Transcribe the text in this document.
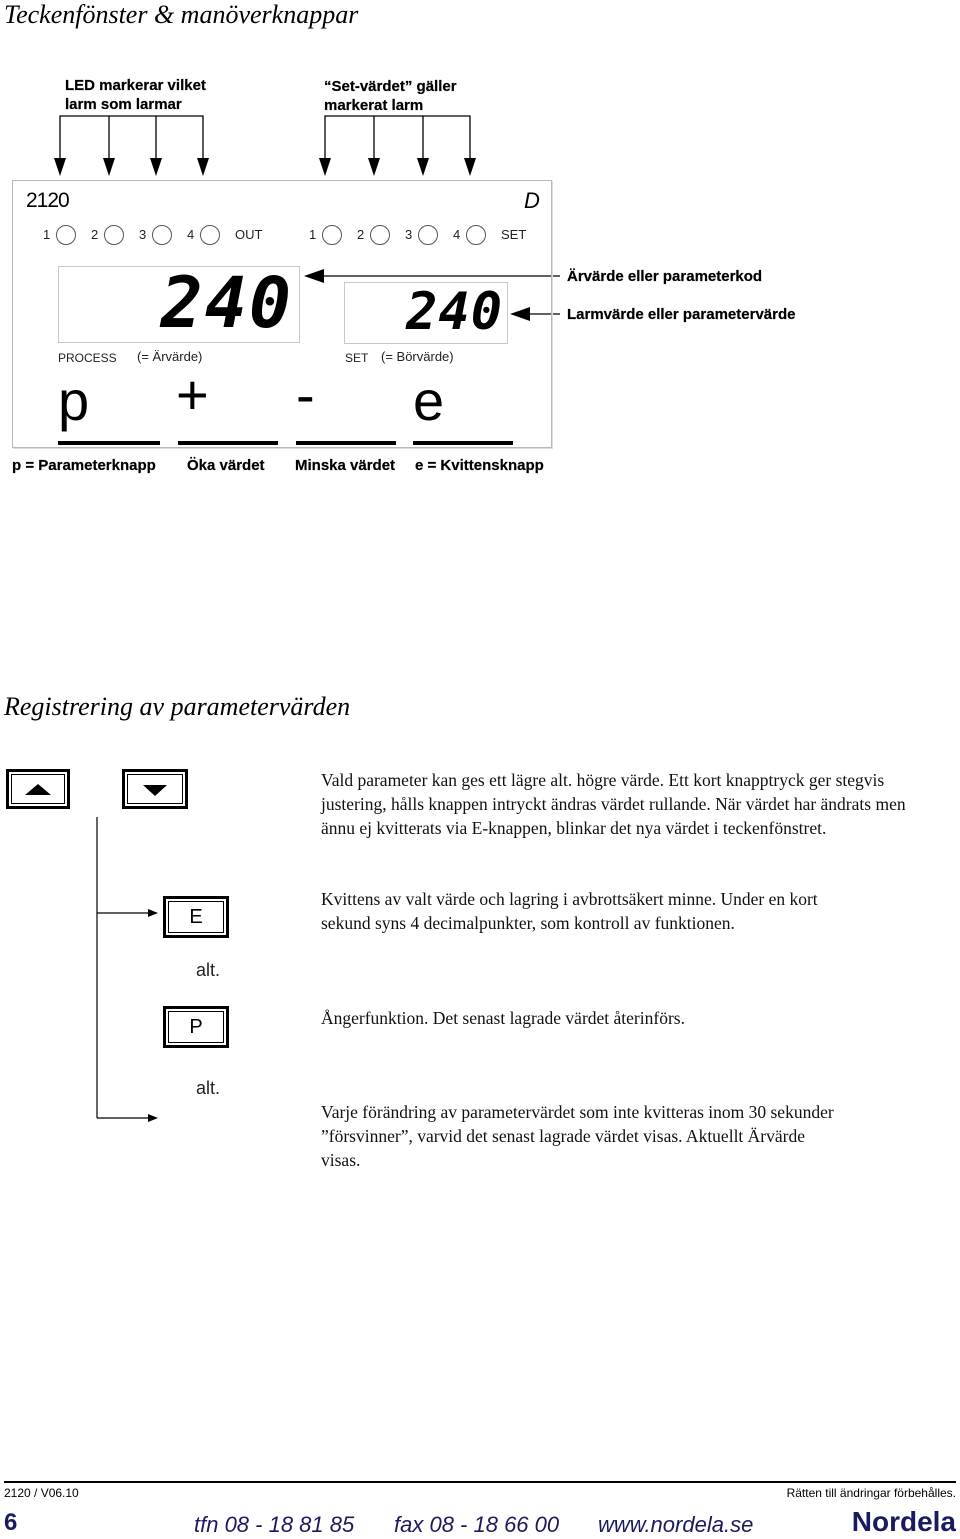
Teckenfönster & manöverknappar
LED markerar vilket
larm som larmar
“Set-värdet” gäller
markerat larm
2120	D
1	2	3	4	OUT	1	2	3	4	SET
240 240
PROCESS (= Ärvärde)	SET (= Börvärde)
p + - e
Ärvärde eller parameterkod
Larmvärde eller parametervärde
p = Parameterknapp Öka värdet Minska värdet e = Kvittensknapp
Registrering av parametervärden
E
alt.
P
alt.
Vald parameter kan ges ett lägre alt. högre värde. Ett kort knapptryck ger stegvis justering, hålls knappen intryckt ändras värdet rullande. När värdet har ändrats men ännu ej kvitterats via E-knappen, blinkar det nya värdet i teckenfönstret.
Kvittens av valt värde och lagring i avbrottsäkert minne. Under en kort sekund syns 4 decimalpunkter, som kontroll av funktionen.
Ångerfunktion. Det senast lagrade värdet återinförs.
Varje förändring av parametervärdet som inte kvitteras inom 30 sekunder ”försvinner”, varvid det senast lagrade värdet visas. Aktuellt Ärvärde visas.
2120 / V06.10	Rätten till ändringar förbehålles.
6	tfn 08 - 18 81 85 fax 08 - 18 66 00 www.nordela.se	Nordela
